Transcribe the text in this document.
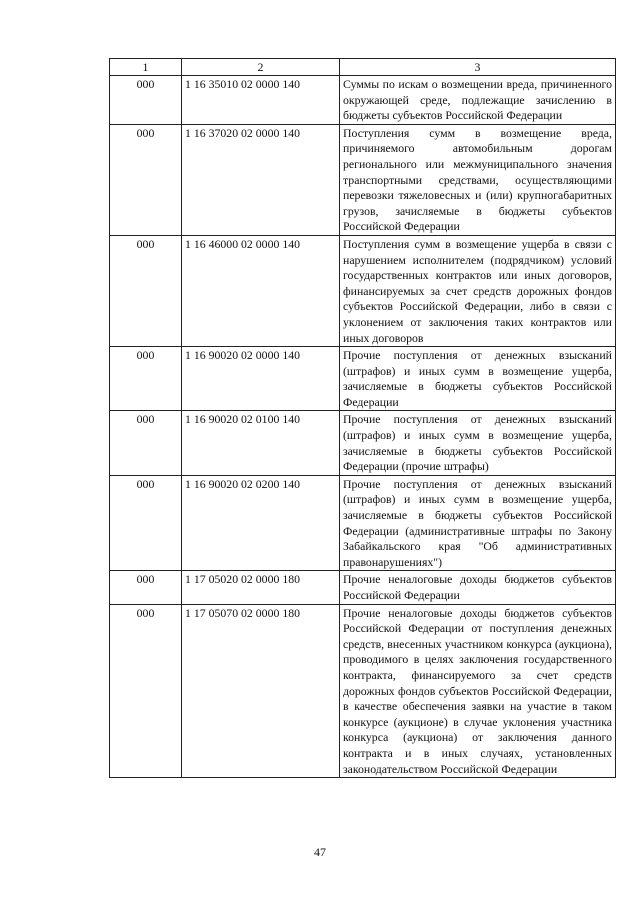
1	2	3
000	1 16 35010 02 0000 140	Суммы по искам о возмещении вреда, причиненного окружающей среде, подлежащие зачислению в бюджеты субъектов Российской Федерации
000	1 16 37020 02 0000 140	Поступления сумм в возмещение вреда, причиняемого автомобильным дорогам регионального или межмуниципального значения транспортными средствами, осуществляющими перевозки тяжеловесных и (или) крупногабаритных грузов, зачисляемые в бюджеты субъектов Российской Федерации
000	1 16 46000 02 0000 140	Поступления сумм в возмещение ущерба в связи с нарушением исполнителем (подрядчиком) условий государственных контрактов или иных договоров, финансируемых за счет средств дорожных фондов субъектов Российской Федерации, либо в связи с уклонением от заключения таких контрактов или иных договоров
000	1 16 90020 02 0000 140	Прочие поступления от денежных взысканий (штрафов) и иных сумм в возмещение ущерба, зачисляемые в бюджеты субъектов Российской Федерации
000	1 16 90020 02 0100 140	Прочие поступления от денежных взысканий (штрафов) и иных сумм в возмещение ущерба, зачисляемые в бюджеты субъектов Российской Федерации (прочие штрафы)
000	1 16 90020 02 0200 140	Прочие поступления от денежных взысканий (штрафов) и иных сумм в возмещение ущерба, зачисляемые в бюджеты субъектов Российской Федерации (административные штрафы по Закону Забайкальского края "Об административных правонарушениях")
000	1 17 05020 02 0000 180	Прочие неналоговые доходы бюджетов субъектов Российской Федерации
000	1 17 05070 02 0000 180	Прочие неналоговые доходы бюджетов субъектов Российской Федерации от поступления денежных средств, внесенных участником конкурса (аукциона), проводимого в целях заключения государственного контракта, финансируемого за счет средств дорожных фондов субъектов Российской Федерации, в качестве обеспечения заявки на участие в таком конкурсе (аукционе) в случае уклонения участника конкурса (аукциона) от заключения данного контракта и в иных случаях, установленных законодательством Российской Федерации
47
